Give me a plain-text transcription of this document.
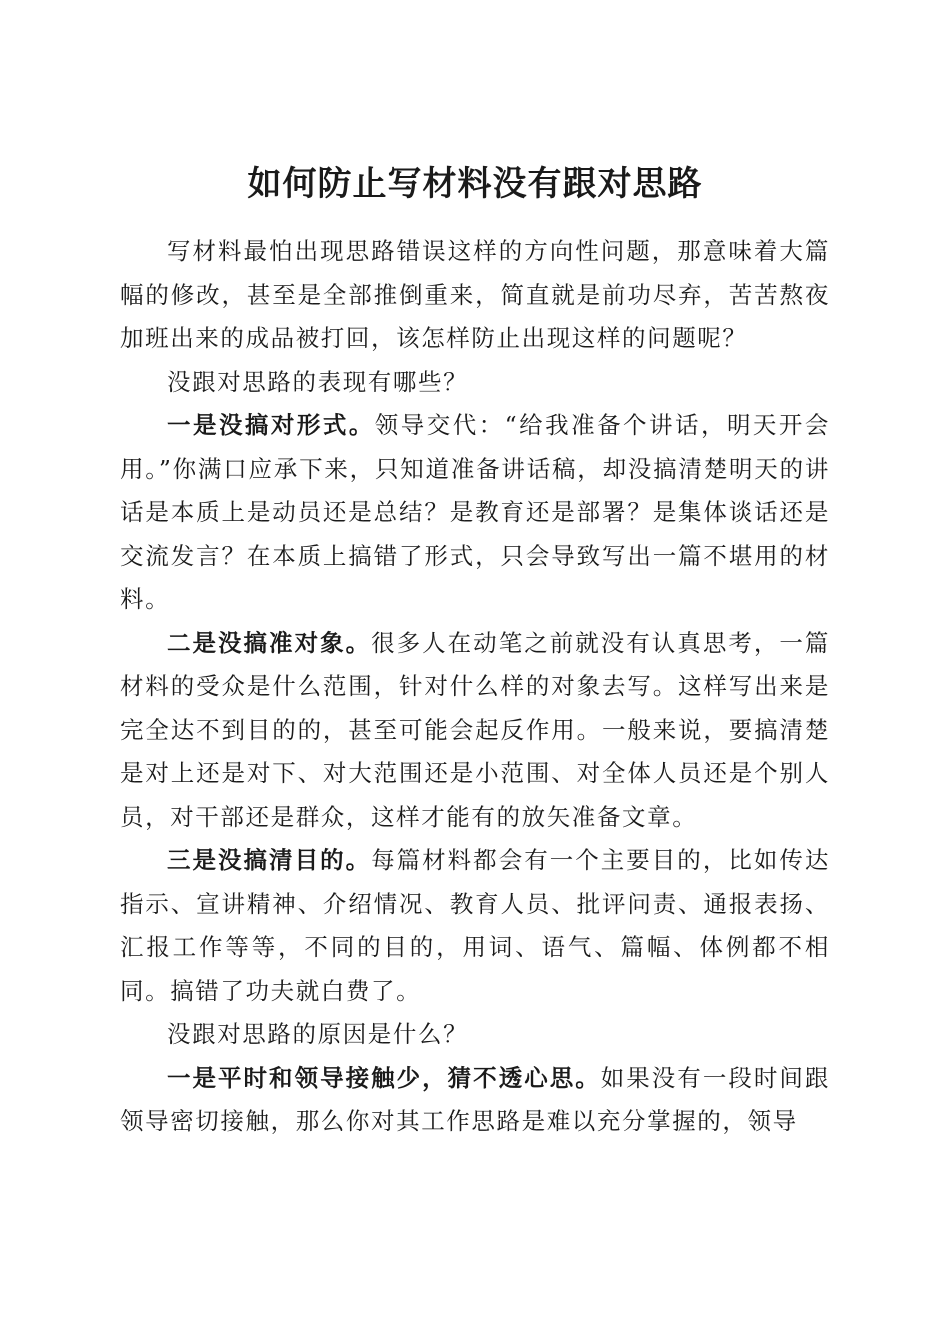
如何防止写材料没有跟对思路

写材料最怕出现思路错误这样的方向性问题，那意味着大篇幅的修改，甚至是全部推倒重来，简直就是前功尽弃，苦苦熬夜加班出来的成品被打回，该怎样防止出现这样的问题呢？

没跟对思路的表现有哪些？

一是没搞对形式。领导交代：“给我准备个讲话，明天开会用。”你满口应承下来，只知道准备讲话稿，却没搞清楚明天的讲话是本质上是动员还是总结？是教育还是部署？是集体谈话还是交流发言？在本质上搞错了形式，只会导致写出一篇不堪用的材料。

二是没搞准对象。很多人在动笔之前就没有认真思考，一篇材料的受众是什么范围，针对什么样的对象去写。这样写出来是完全达不到目的的，甚至可能会起反作用。一般来说，要搞清楚是对上还是对下、对大范围还是小范围、对全体人员还是个别人员，对干部还是群众，这样才能有的放矢准备文章。

三是没搞清目的。每篇材料都会有一个主要目的，比如传达指示、宣讲精神、介绍情况、教育人员、批评问责、通报表扬、汇报工作等等，不同的目的，用词、语气、篇幅、体例都不相同。搞错了功夫就白费了。

没跟对思路的原因是什么？

一是平时和领导接触少，猜不透心思。如果没有一段时间跟领导密切接触，那么你对其工作思路是难以充分掌握的，领导
